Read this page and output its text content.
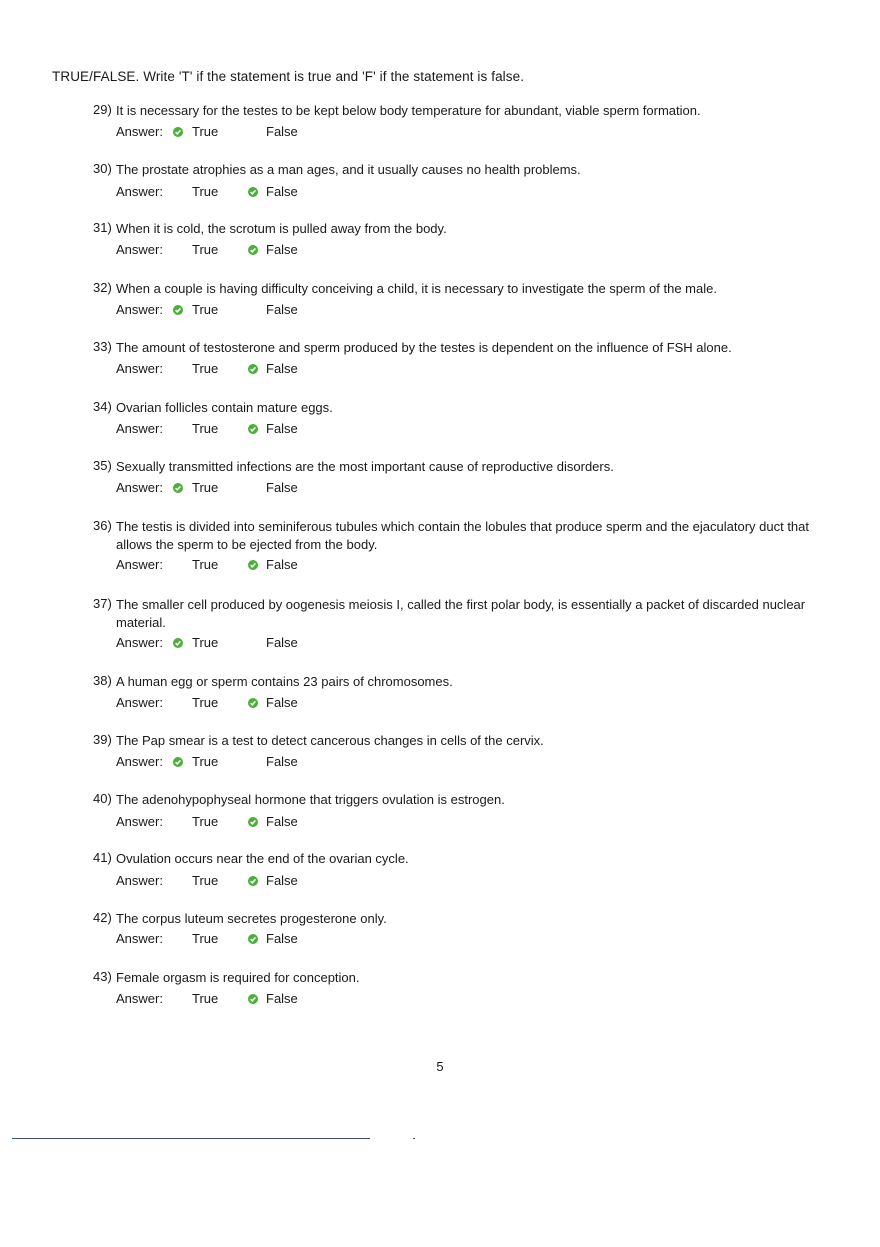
TRUE/FALSE. Write 'T' if the statement is true and 'F' if the statement is false.
29) It is necessary for the testes to be kept below body temperature for abundant, viable sperm formation.
Answer: True	False
30) The prostate atrophies as a man ages, and it usually causes no health problems.
Answer: True	False
31) When it is cold, the scrotum is pulled away from the body.
Answer: True	False
32) When a couple is having difficulty conceiving a child, it is necessary to investigate the sperm of the male.
Answer: True	False
33) The amount of testosterone and sperm produced by the testes is dependent on the influence of FSH alone.
Answer: True	False
34) Ovarian follicles contain mature eggs.
Answer: True	False
35) Sexually transmitted infections are the most important cause of reproductive disorders.
Answer: True	False
36) The testis is divided into seminiferous tubules which contain the lobules that produce sperm and the ejaculatory duct that allows the sperm to be ejected from the body.
Answer: True	False
37) The smaller cell produced by oogenesis meiosis I, called the first polar body, is essentially a packet of discarded nuclear material.
Answer: True	False
38) A human egg or sperm contains 23 pairs of chromosomes.
Answer: True	False
39) The Pap smear is a test to detect cancerous changes in cells of the cervix.
Answer: True	False
40) The adenohypophyseal hormone that triggers ovulation is estrogen.
Answer: True	False
41) Ovulation occurs near the end of the ovarian cycle.
Answer: True	False
42) The corpus luteum secretes progesterone only.
Answer: True	False
43) Female orgasm is required for conception.
Answer: True	False
5
